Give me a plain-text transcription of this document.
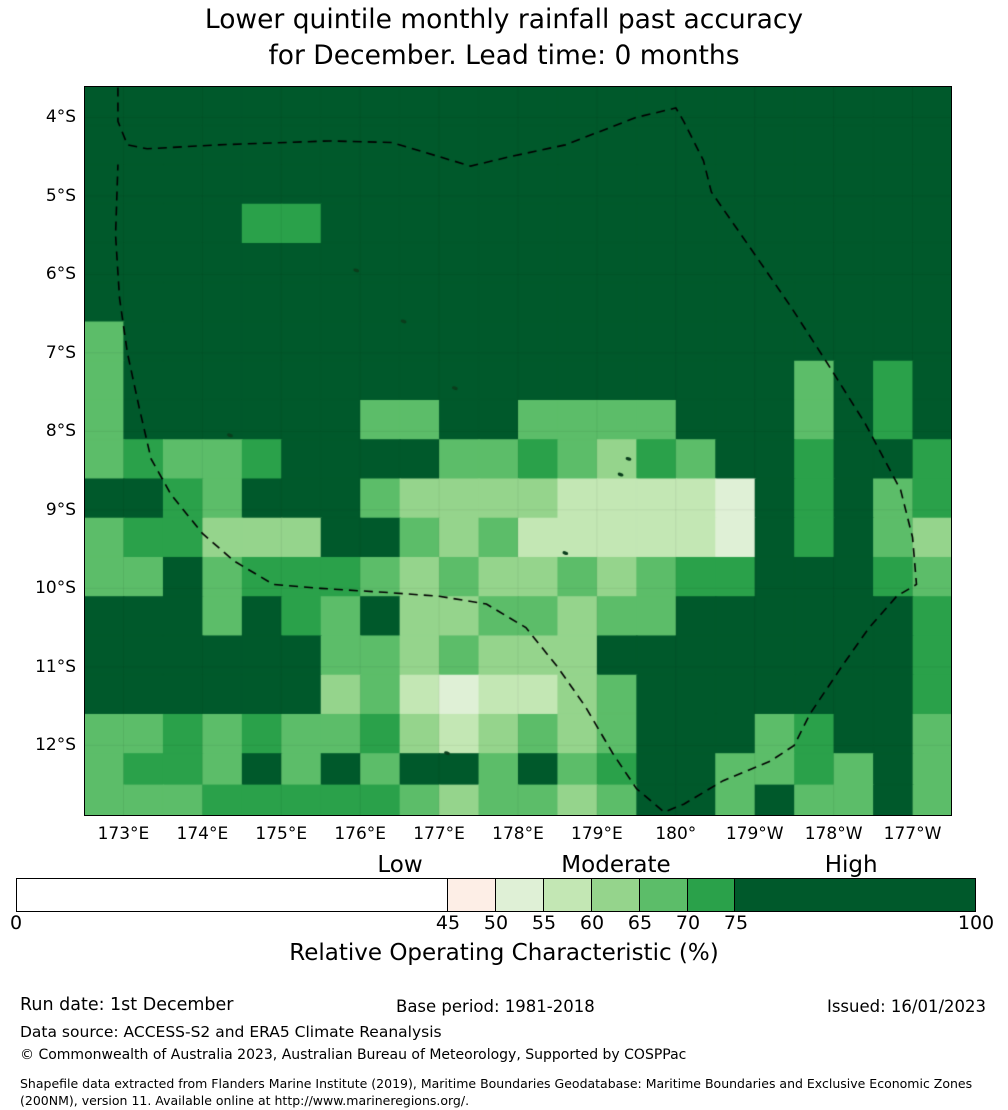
Lower quintile monthly rainfall past accuracy
for December. Lead time: 0 months
4°S
5°S
6°S
7°S
8°S
9°S
10°S
11°S
12°S
173°E 174°E 175°E 176°E 177°E 178°E 179°E 180° 179°W 178°W 177°W
Low	Moderate	High
0	45 50 55 60 65 70 75	100
Relative Operating Characteristic (%)
Run date: 1st December	Base period: 1981-2018	Issued: 16/01/2023
Data source: ACCESS-S2 and ERA5 Climate Reanalysis
© Commonwealth of Australia 2023, Australian Bureau of Meteorology, Supported by COSPPac
Shapefile data extracted from Flanders Marine Institute (2019), Maritime Boundaries Geodatabase: Maritime Boundaries and Exclusive Economic Zones (200NM), version 11. Available online at http://www.marineregions.org/.
